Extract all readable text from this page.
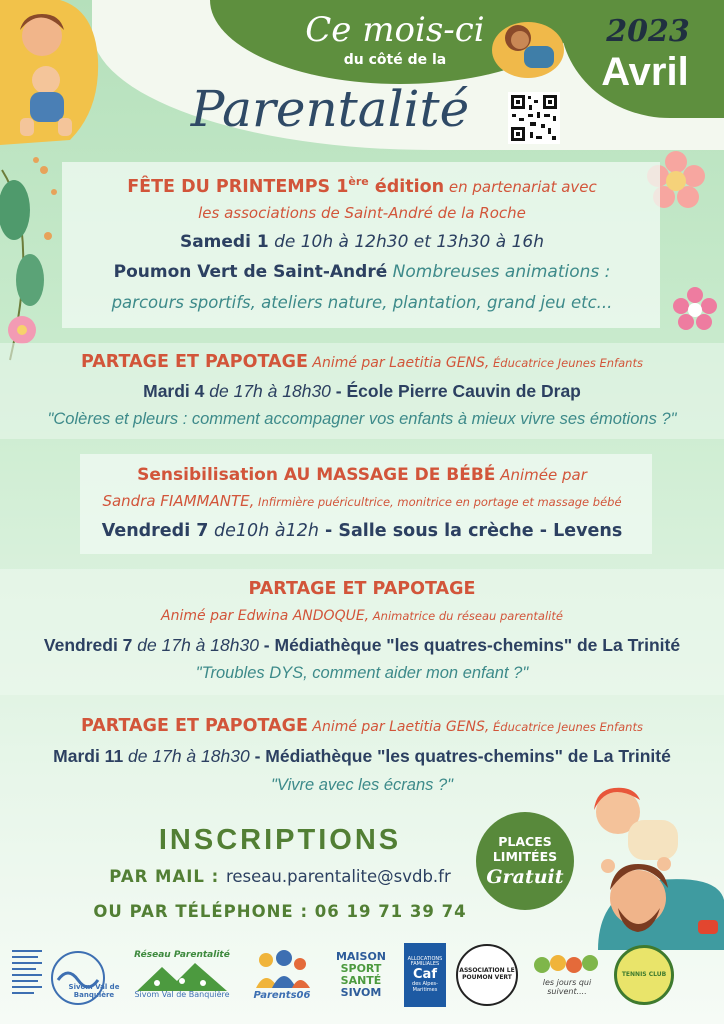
Ce mois-ci
du côté de la
Parentalité
2023
Avril
FÊTE DU PRINTEMPS 1ère édition en partenariat avec
les associations de Saint-André de la Roche
Samedi 1 de 10h à 12h30 et 13h30 à 16h
Poumon Vert de Saint-André Nombreuses animations :
parcours sportifs, ateliers nature, plantation, grand jeu etc...
PARTAGE ET PAPOTAGE Animé par Laetitia GENS, Éducatrice Jeunes Enfants
Mardi 4 de 17h à 18h30 - École Pierre Cauvin de Drap
"Colères et pleurs : comment accompagner vos enfants à mieux vivre ses émotions ?"
Sensibilisation AU MASSAGE DE BÉBÉ Animée par
Sandra FIAMMANTE, Infirmière puéricultrice, monitrice en portage et massage bébé
Vendredi 7 de10h à12h - Salle sous la crèche - Levens
PARTAGE ET PAPOTAGE
Animé par Edwina ANDOQUE, Animatrice du réseau parentalité
Vendredi 7 de 17h à 18h30 - Médiathèque "les quatres-chemins" de La Trinité
"Troubles DYS, comment aider mon enfant ?"
PARTAGE ET PAPOTAGE Animé par Laetitia GENS, Éducatrice Jeunes Enfants
Mardi 11 de 17h à 18h30 - Médiathèque "les quatres-chemins" de La Trinité
"Vivre avec les écrans ?"
INSCRIPTIONS
PAR MAIL : reseau.parentalite@svdb.fr
OU PAR TÉLÉPHONE : 06 19 71 39 74
PLACES
LIMITÉES
Gratuit
Sivom Val de Banquière
Réseau Parentalité
Sivom Val de Banquière Parents06
MAISON
SPORT
SANTÉ
SIVOM
ALLOCATIONS FAMILIALES
Caf
des Alpes-Maritimes
ASSOCIATION LE POUMON VERT
les jours qui suivent....
TENNIS CLUB
